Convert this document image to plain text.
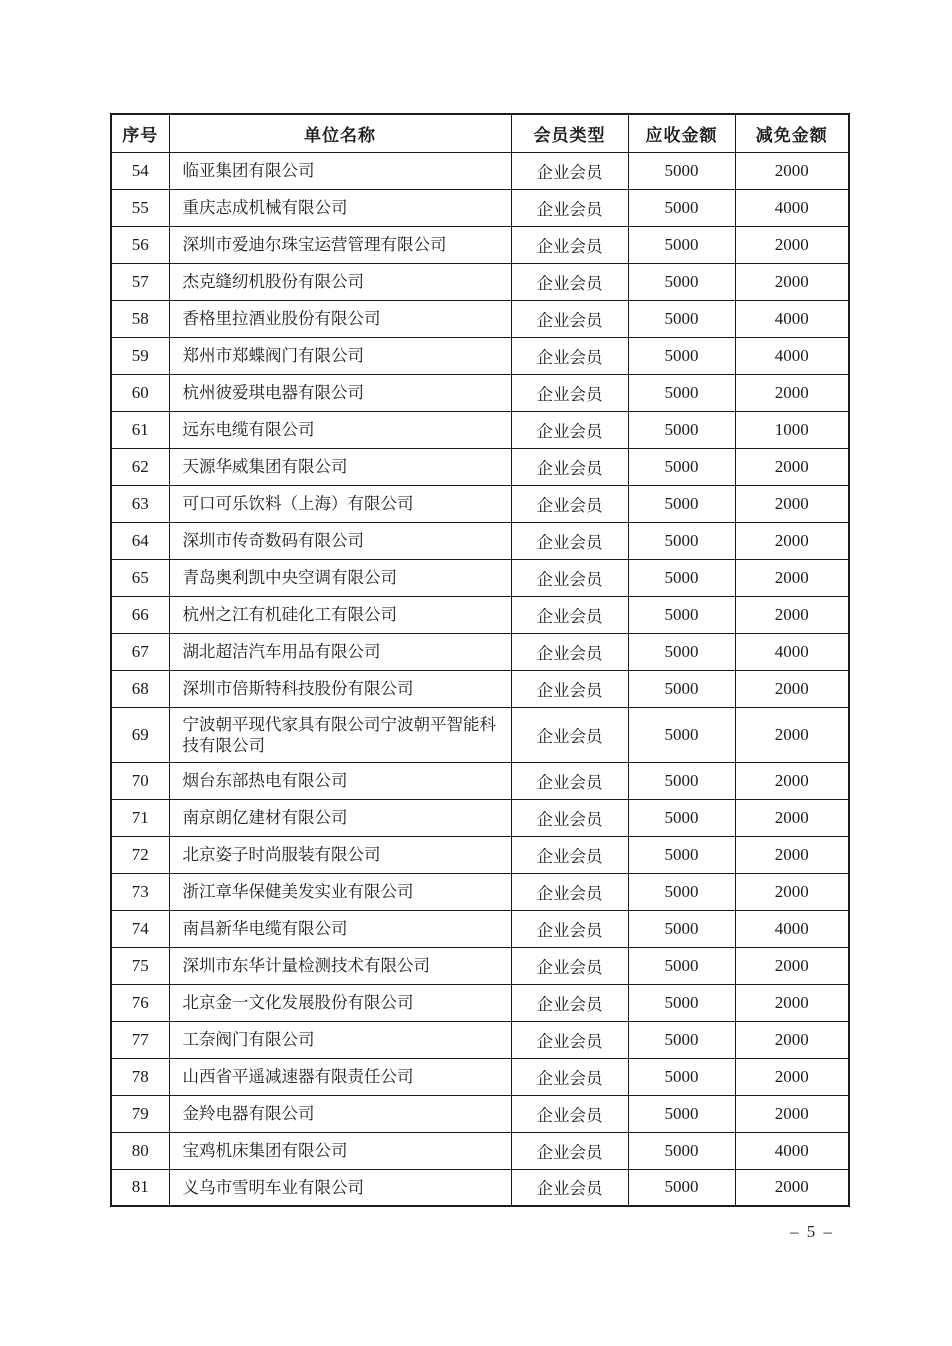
序号	单位名称	会员类型	应收金额	减免金额
54	临亚集团有限公司	企业会员	5000	2000
55	重庆志成机械有限公司	企业会员	5000	4000
56	深圳市爱迪尔珠宝运营管理有限公司	企业会员	5000	2000
57	杰克缝纫机股份有限公司	企业会员	5000	2000
58	香格里拉酒业股份有限公司	企业会员	5000	4000
59	郑州市郑蝶阀门有限公司	企业会员	5000	4000
60	杭州彼爱琪电器有限公司	企业会员	5000	2000
61	远东电缆有限公司	企业会员	5000	1000
62	天源华威集团有限公司	企业会员	5000	2000
63	可口可乐饮料（上海）有限公司	企业会员	5000	2000
64	深圳市传奇数码有限公司	企业会员	5000	2000
65	青岛奥利凯中央空调有限公司	企业会员	5000	2000
66	杭州之江有机硅化工有限公司	企业会员	5000	2000
67	湖北超洁汽车用品有限公司	企业会员	5000	4000
68	深圳市倍斯特科技股份有限公司	企业会员	5000	2000
69	宁波朝平现代家具有限公司宁波朝平智能科技有限公司	企业会员	5000	2000
70	烟台东部热电有限公司	企业会员	5000	2000
71	南京朗亿建材有限公司	企业会员	5000	2000
72	北京姿子时尚服装有限公司	企业会员	5000	2000
73	浙江章华保健美发实业有限公司	企业会员	5000	2000
74	南昌新华电缆有限公司	企业会员	5000	4000
75	深圳市东华计量检测技术有限公司	企业会员	5000	2000
76	北京金一文化发展股份有限公司	企业会员	5000	2000
77	工奈阀门有限公司	企业会员	5000	2000
78	山西省平遥减速器有限责任公司	企业会员	5000	2000
79	金羚电器有限公司	企业会员	5000	2000
80	宝鸡机床集团有限公司	企业会员	5000	4000
81	义乌市雪明车业有限公司	企业会员	5000	2000
– 5 –
